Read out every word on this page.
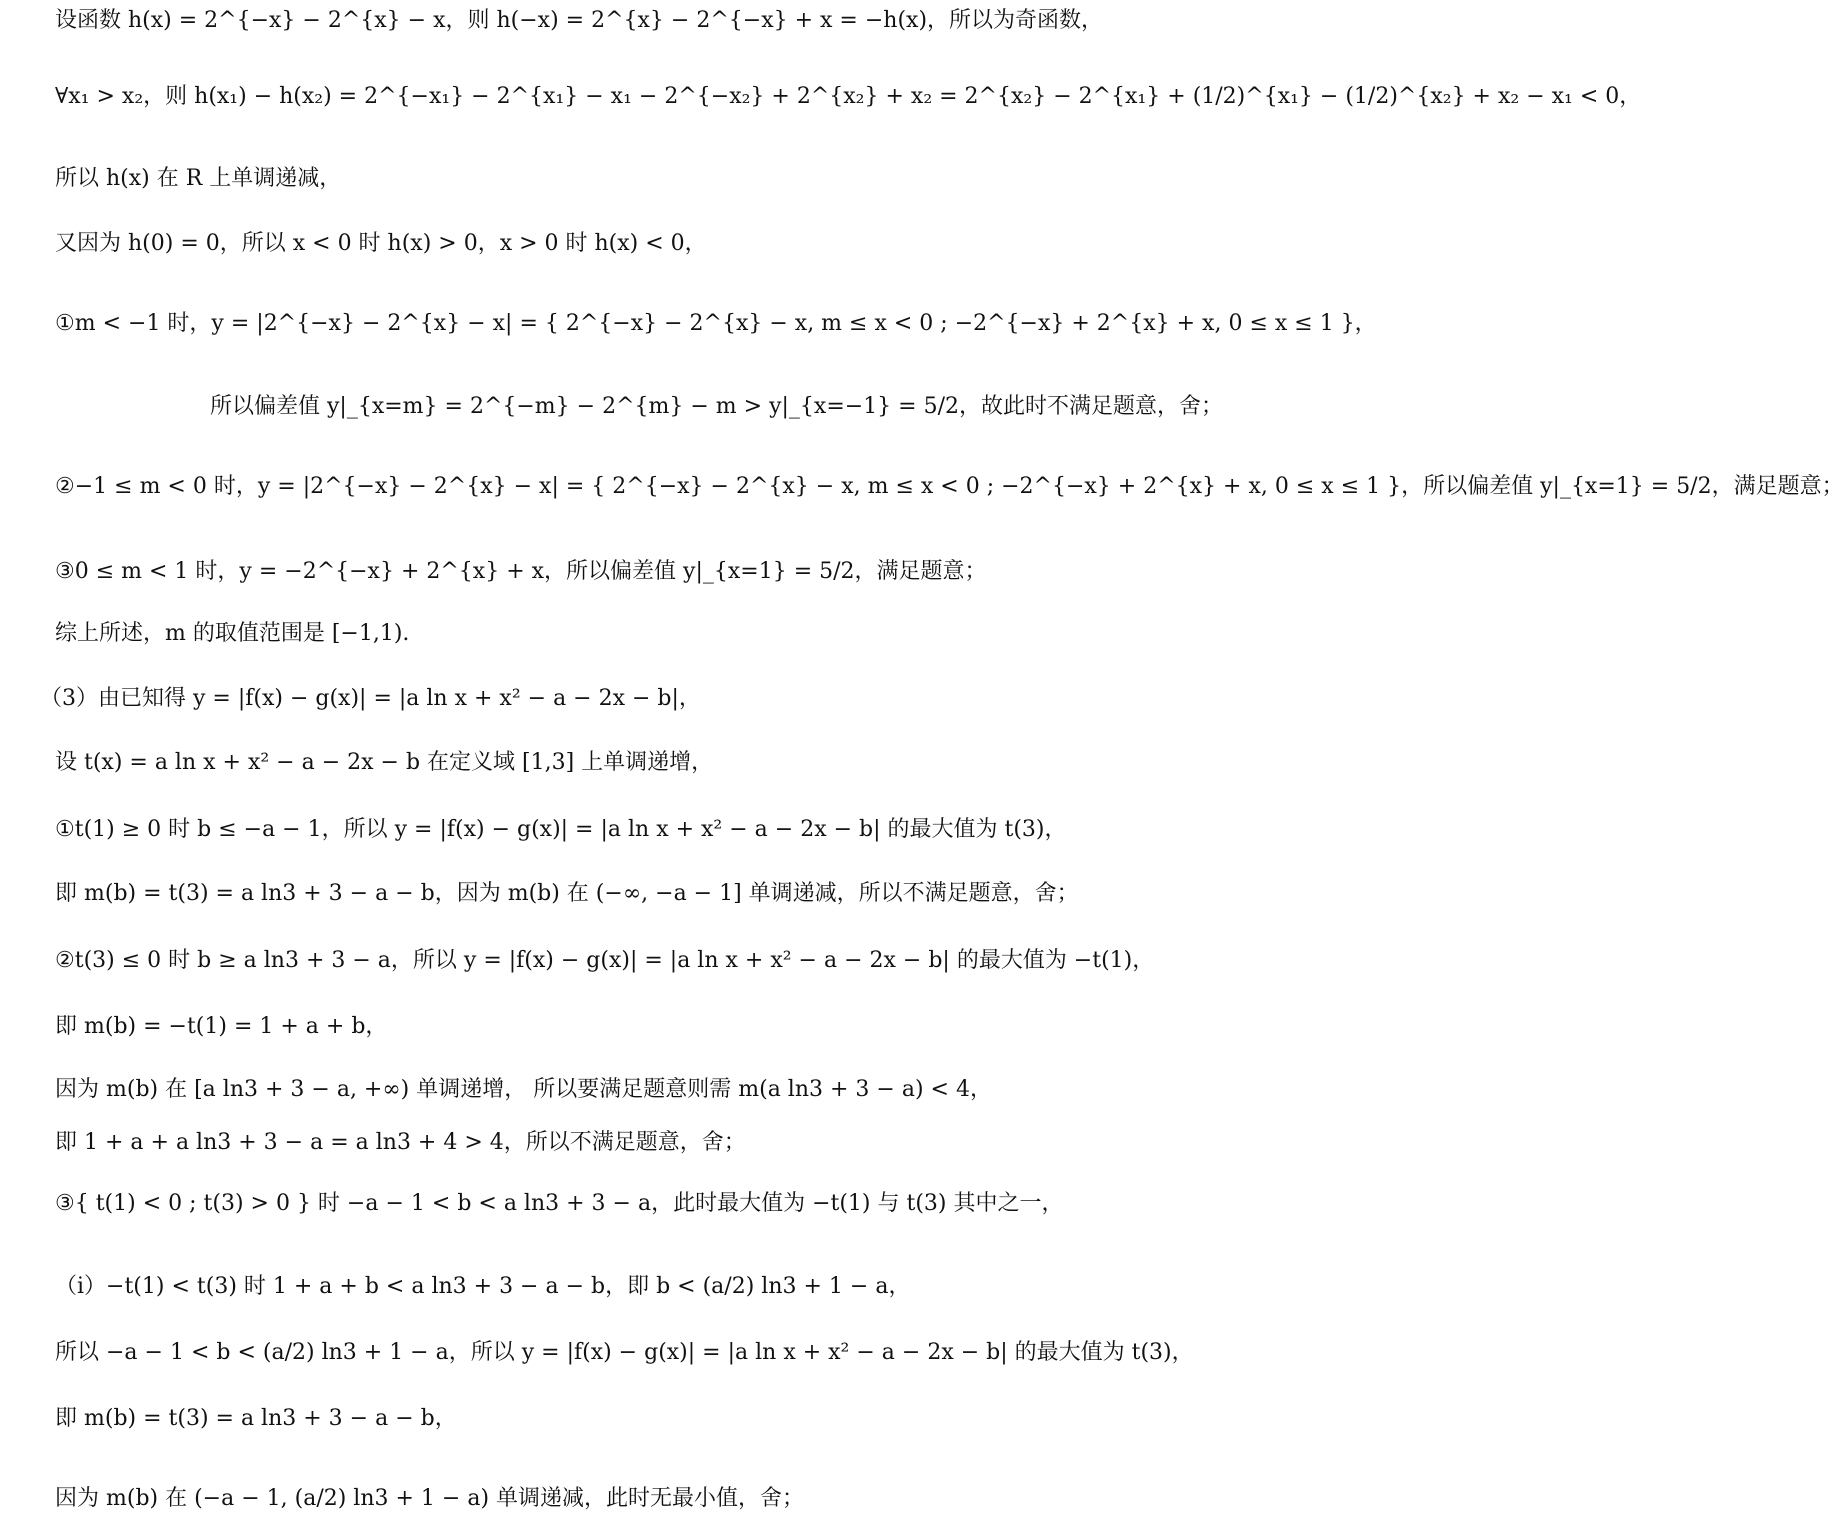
设函数 h(x) = 2^{−x} − 2^{x} − x，则 h(−x) = 2^{x} − 2^{−x} + x = −h(x)，所以为奇函数，
∀x₁ > x₂，则 h(x₁) − h(x₂) = 2^{−x₁} − 2^{x₁} − x₁ − 2^{−x₂} + 2^{x₂} + x₂ = 2^{x₂} − 2^{x₁} + (1/2)^{x₁} − (1/2)^{x₂} + x₂ − x₁ < 0，
所以 h(x) 在 R 上单调递减，
又因为 h(0) = 0，所以 x < 0 时 h(x) > 0，x > 0 时 h(x) < 0，
①m < −1 时，y = |2^{−x} − 2^{x} − x| = { 2^{−x} − 2^{x} − x, m ≤ x < 0 ; −2^{−x} + 2^{x} + x, 0 ≤ x ≤ 1 }，
所以偏差值 y|_{x=m} = 2^{−m} − 2^{m} − m > y|_{x=−1} = 5/2，故此时不满足题意，舍；
②−1 ≤ m < 0 时，y = |2^{−x} − 2^{x} − x| = { 2^{−x} − 2^{x} − x, m ≤ x < 0 ; −2^{−x} + 2^{x} + x, 0 ≤ x ≤ 1 }，所以偏差值 y|_{x=1} = 5/2，满足题意；
③0 ≤ m < 1 时，y = −2^{−x} + 2^{x} + x，所以偏差值 y|_{x=1} = 5/2，满足题意；
综上所述，m 的取值范围是 [−1,1).
（3）由已知得 y = |f(x) − g(x)| = |a ln x + x² − a − 2x − b|，
设 t(x) = a ln x + x² − a − 2x − b 在定义域 [1,3] 上单调递增，
①t(1) ≥ 0 时 b ≤ −a − 1，所以 y = |f(x) − g(x)| = |a ln x + x² − a − 2x − b| 的最大值为 t(3)，
即 m(b) = t(3) = a ln3 + 3 − a − b，因为 m(b) 在 (−∞, −a − 1] 单调递减，所以不满足题意，舍；
②t(3) ≤ 0 时 b ≥ a ln3 + 3 − a，所以 y = |f(x) − g(x)| = |a ln x + x² − a − 2x − b| 的最大值为 −t(1)，
即 m(b) = −t(1) = 1 + a + b，
因为 m(b) 在 [a ln3 + 3 − a, +∞) 单调递增， 所以要满足题意则需 m(a ln3 + 3 − a) < 4，
即 1 + a + a ln3 + 3 − a = a ln3 + 4 > 4，所以不满足题意，舍；
③{ t(1) < 0 ; t(3) > 0 } 时 −a − 1 < b < a ln3 + 3 − a，此时最大值为 −t(1) 与 t(3) 其中之一，
（i）−t(1) < t(3) 时 1 + a + b < a ln3 + 3 − a − b，即 b < (a/2) ln3 + 1 − a，
所以 −a − 1 < b < (a/2) ln3 + 1 − a，所以 y = |f(x) − g(x)| = |a ln x + x² − a − 2x − b| 的最大值为 t(3)，
即 m(b) = t(3) = a ln3 + 3 − a − b，
因为 m(b) 在 (−a − 1, (a/2) ln3 + 1 − a) 单调递减，此时无最小值，舍；
